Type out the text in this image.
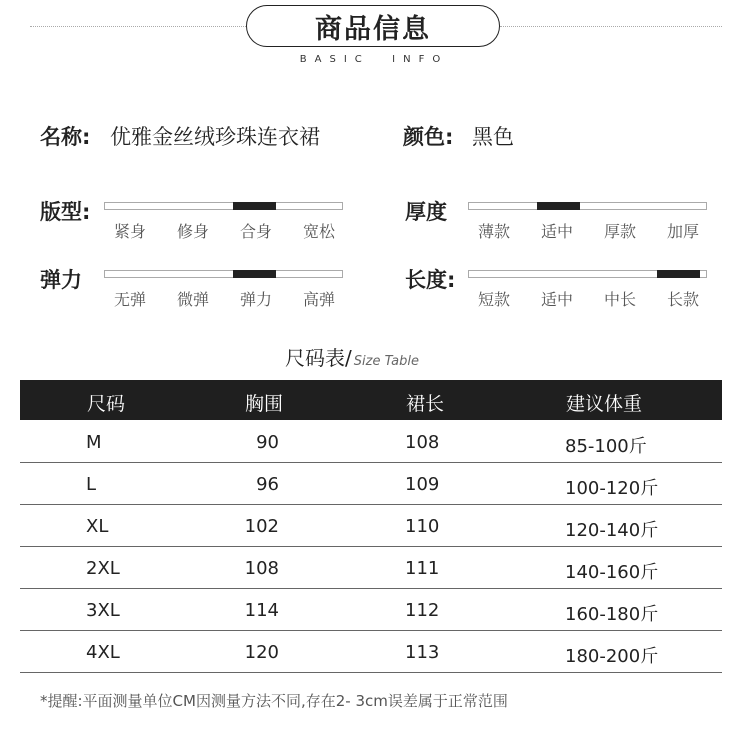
商品信息
BASIC  INFO
名称: 优雅金丝绒珍珠连衣裙	颜色: 黑色
版型:
紧身	修身	合身	宽松
厚度
薄款	适中	厚款	加厚
弹力
无弹	微弹	弹力	高弹
长度:
短款	适中	中长	长款
尺码表/ Size Table
尺码	胸围	裙长	建议体重
M	90	108	85-100斤
L	96	109	100-120斤
XL	102	110	120-140斤
2XL	108	111	140-160斤
3XL	114	112	160-180斤
4XL	120	113	180-200斤
*提醒:平面测量单位CM因测量方法不同,存在2- 3cm误差属于正常范围
